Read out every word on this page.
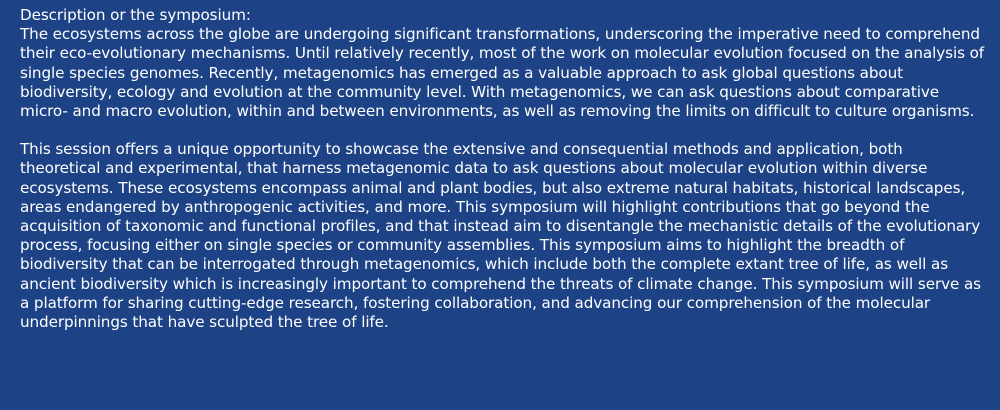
Description or the symposium:

The ecosystems across the globe are undergoing significant transformations, underscoring the imperative need to comprehend their eco-evolutionary mechanisms. Until relatively recently, most of the work on molecular evolution focused on the analysis of single species genomes. Recently, metagenomics has emerged as a valuable approach to ask global questions about biodiversity, ecology and evolution at the community level. With metagenomics, we can ask questions about comparative micro- and macro evolution, within and between environments, as well as removing the limits on difficult to culture organisms.

This session offers a unique opportunity to showcase the extensive and consequential methods and application, both theoretical and experimental, that harness metagenomic data to ask questions about molecular evolution within diverse ecosystems. These ecosystems encompass animal and plant bodies, but also extreme natural habitats, historical landscapes, areas endangered by anthropogenic activities, and more. This symposium will highlight contributions that go beyond the acquisition of taxonomic and functional profiles, and that instead aim to disentangle the mechanistic details of the evolutionary process, focusing either on single species or community assemblies. This symposium aims to highlight the breadth of biodiversity that can be interrogated through metagenomics, which include both the complete extant tree of life, as well as ancient biodiversity which is increasingly important to comprehend the threats of climate change. This symposium will serve as a platform for sharing cutting-edge research, fostering collaboration, and advancing our comprehension of the molecular underpinnings that have sculpted the tree of life.
